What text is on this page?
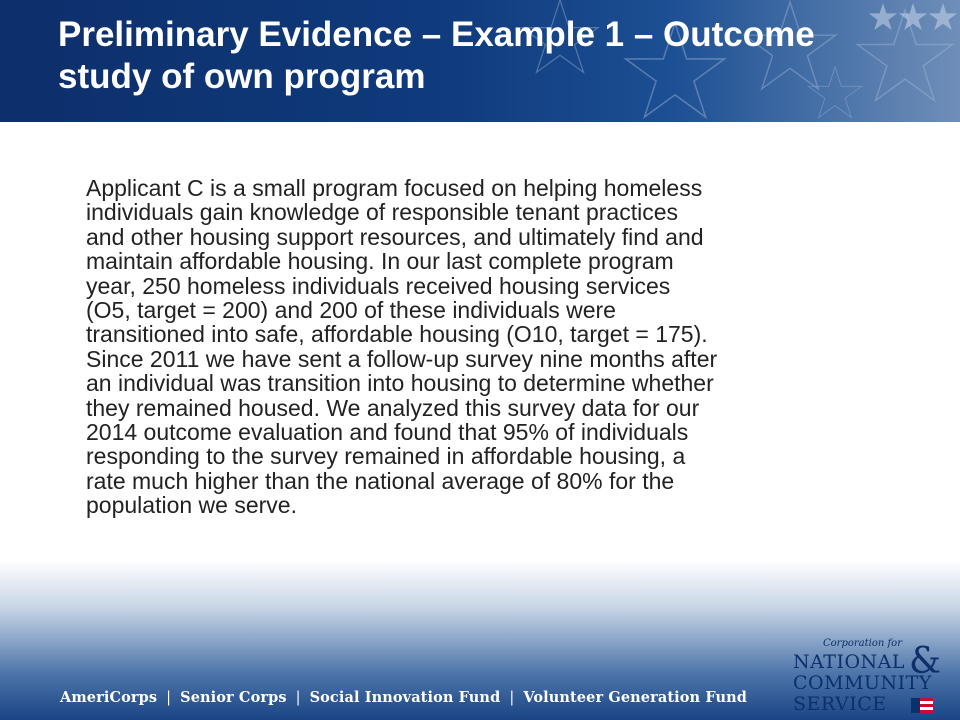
Preliminary Evidence – Example 1 – Outcome
study of own program
Applicant C is a small program focused on helping homeless
individuals gain knowledge of responsible tenant practices
and other housing support resources, and ultimately find and
maintain affordable housing. In our last complete program
year, 250 homeless individuals received housing services
(O5, target = 200) and 200 of these individuals were
transitioned into safe, affordable housing (O10, target = 175).
Since 2011 we have sent a follow-up survey nine months after
an individual was transition into housing to determine whether
they remained housed. We analyzed this survey data for our
2014 outcome evaluation and found that 95% of individuals
responding to the survey remained in affordable housing, a
rate much higher than the national average of 80% for the
population we serve.
AmeriCorps | Senior Corps | Social Innovation Fund | Volunteer Generation Fund
Corporation for
NATIONAL &
COMMUNITY
SERVICE
